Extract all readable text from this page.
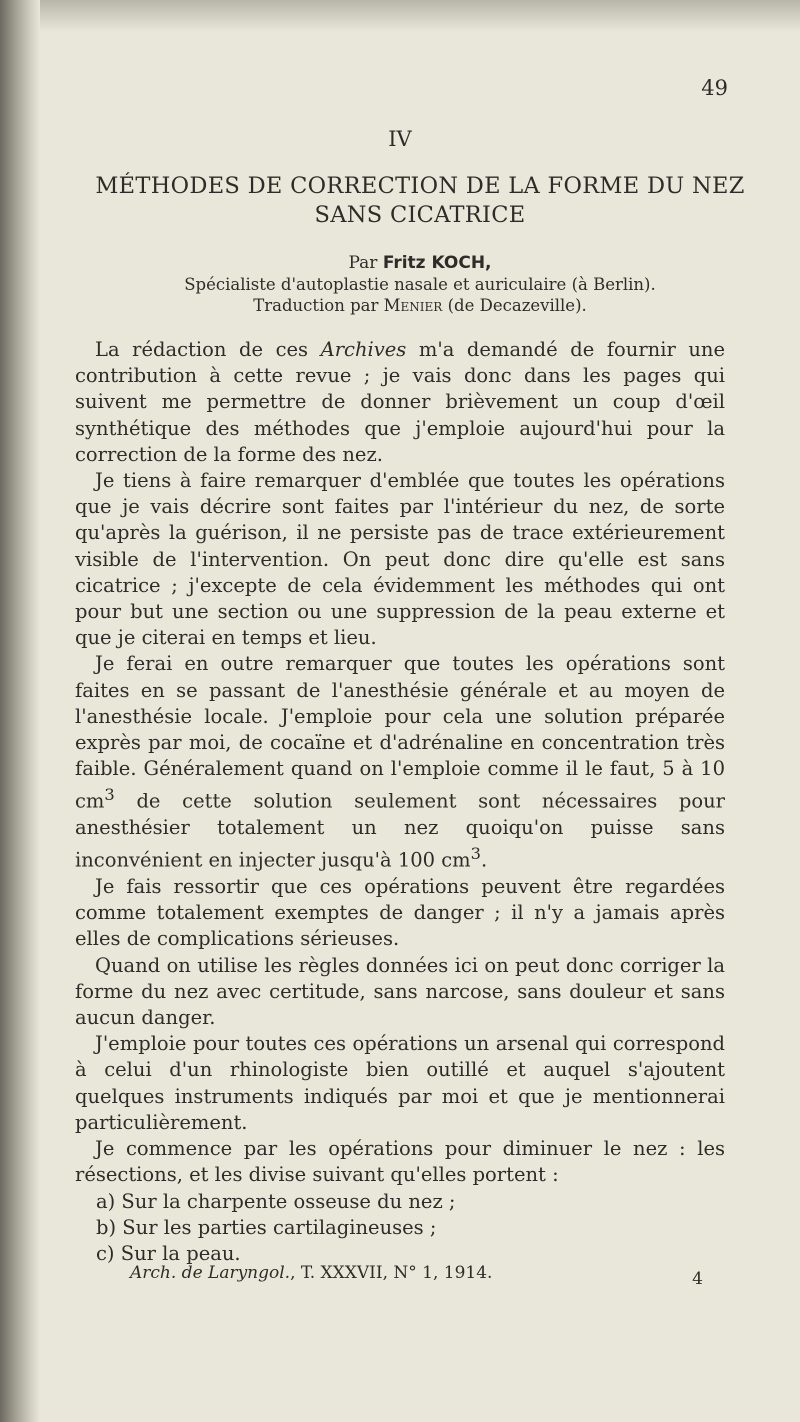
49

IV

MÉTHODES DE CORRECTION DE LA FORME DU NEZ
SANS CICATRICE

Par Fritz KOCH,

Spécialiste d'autoplastie nasale et auriculaire (à Berlin).

Traduction par Menier (de Decazeville).

La rédaction de ces Archives m'a demandé de fournir une contribution à cette revue ; je vais donc dans les pages qui suivent me permettre de donner brièvement un coup d'œil synthétique des méthodes que j'emploie aujourd'hui pour la correction de la forme des nez.

Je tiens à faire remarquer d'emblée que toutes les opérations que je vais décrire sont faites par l'intérieur du nez, de sorte qu'après la guérison, il ne persiste pas de trace extérieurement visible de l'intervention. On peut donc dire qu'elle est sans cicatrice ; j'excepte de cela évidemment les méthodes qui ont pour but une section ou une suppression de la peau externe et que je citerai en temps et lieu.

Je ferai en outre remarquer que toutes les opérations sont faites en se passant de l'anesthésie générale et au moyen de l'anesthésie locale. J'emploie pour cela une solution préparée exprès par moi, de cocaïne et d'adrénaline en concentration très faible. Généralement quand on l'emploie comme il le faut, 5 à 10 $cm^3$ de cette solution seulement sont nécessaires pour anesthésier totalement un nez quoiqu'on puisse sans inconvénient en injecter jusqu'à 100 $cm^3$.

Je fais ressortir que ces opérations peuvent être regardées comme totalement exemptes de danger ; il n'y a jamais après elles de complications sérieuses.

Quand on utilise les règles données ici on peut donc corriger la forme du nez avec certitude, sans narcose, sans douleur et sans aucun danger.

J'emploie pour toutes ces opérations un arsenal qui correspond à celui d'un rhinologiste bien outillé et auquel s'ajoutent quelques instruments indiqués par moi et que je mentionnerai particulièrement.

Je commence par les opérations pour diminuer le nez : les résections, et les divise suivant qu'elles portent :

a) Sur la charpente osseuse du nez ;
b) Sur les parties cartilagineuses ;
c) Sur la peau.
Arch. de Laryngol., T. XXXVII, N° 1, 1914.	4
